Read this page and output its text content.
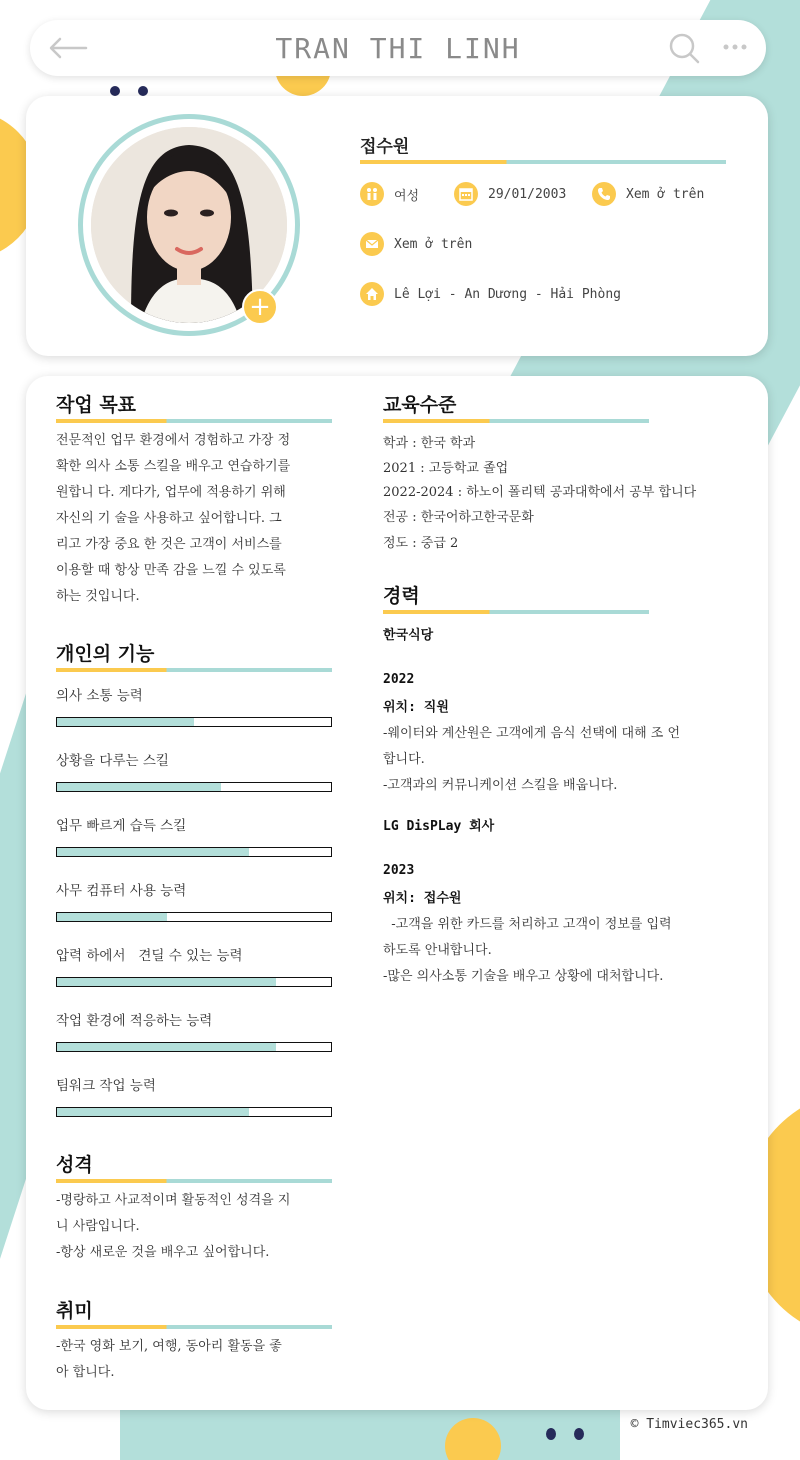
TRAN THI LINH
+
접수원
여성	29/01/2003	Xem ở trên
Xem ở trên
Lê Lợi - An Dương - Hải Phòng
작업 목표
전문적인 업무 환경에서 경험하고 가장 정
확한 의사 소통 스킬을 배우고 연습하기를
원합니 다. 게다가, 업무에 적용하기 위해
자신의 기 술을 사용하고 싶어합니다. 그
리고 가장 중요 한 것은 고객이 서비스를
이용할 때 항상 만족 감을 느낄 수 있도록
하는 것입니다.
개인의 기능
의사 소통 능력
상황을 다루는 스킬
업무 빠르게 습득 스킬
사무 컴퓨터 사용 능력
압력 하에서   견딜 수 있는 능력
작업 환경에 적응하는 능력
팀워크 작업 능력
성격
-명랑하고 사교적이며 활동적인 성격을 지
니 사람입니다.
-항상 새로운 것을 배우고 싶어합니다.
취미
-한국 영화 보기, 여행, 동아리 활동을 좋
아 합니다.
교육수준
학과 : 한국 학과
2021 : 고등학교 졸업
2022-2024 : 하노이 폴리텍 공과대학에서 공부 합니다
전공 : 한국어하고한국문화
정도 : 중급 2
경력
한국식당
2022
위치: 직원
-웨이터와 계산원은 고객에게 음식 선택에 대해 조 언
합니다.
-고객과의 커뮤니케이션 스킬을 배웁니다.
LG DisPLay 회사
2023
위치: 접수원
-고객을 위한 카드를 처리하고 고객이 정보를 입력
하도록 안내합니다.
-많은 의사소통 기술을 배우고 상황에 대처합니다.
© Timviec365.vn
